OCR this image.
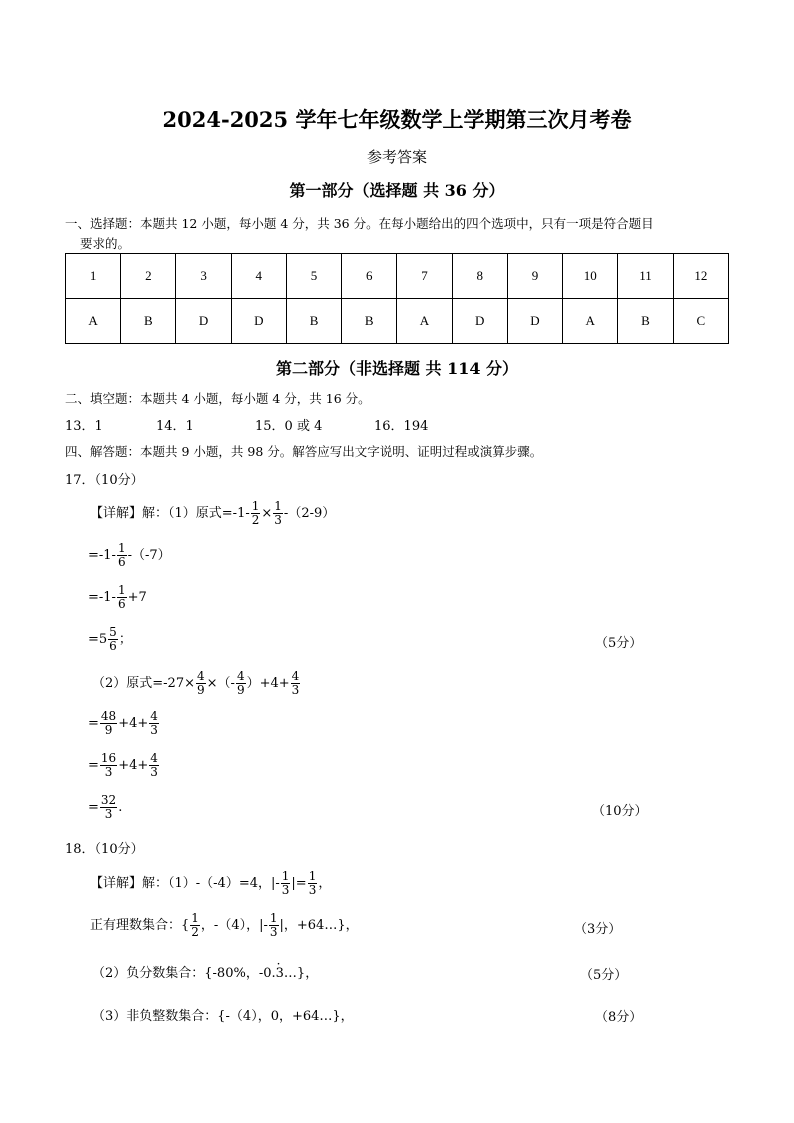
2024-2025 学年七年级数学上学期第三次月考卷
参考答案
第一部分（选择题 共 36 分）
一、选择题：本题共 12 小题，每小题 4 分，共 36 分。在每小题给出的四个选项中，只有一项是符合题目
要求的。
1	2	3	4	5	6	7	8	9	10	11	12
A	B	D	D	B	B	A	D	D	A	B	C
第二部分（非选择题 共 114 分）
二、填空题：本题共 4 小题，每小题 4 分，共 16 分。
13．1	14．1	15．0 或 4	16．194
四、解答题：本题共 9 小题，共 98 分。解答应写出文字说明、证明过程或演算步骤。
17．（10分）
【详解】解：（1）原式$=-1- \frac{1}{2} \times \frac{1}{3} -(2-9)$
$=-1- \frac{1}{6} -(-7)$
$=-1- \frac{1}{6} +7$
$=5 \frac{5}{6}$ ；	（5分）
（2）原式$=-27\times \frac{4}{9}$ ×（- $\frac{4}{9} )+4+ \frac{4}{3}$
= $\frac{48}{9} +4+ \frac{4}{3}$
= $\frac{16}{3} +4+ \frac{4}{3}$
= $\frac{32}{3}$ .	（10分）
18．（10分）
【详解】解：（1）-（-4）=4，|- $\frac{1}{3}$ |= $\frac{1}{3}$ ，
正有理数集合：{ $\frac{1}{2}$ ，-（4），|- $\frac{1}{3}$ |，+64…}，	（3分）
（2）负分数集合：{-80%，-0.· 3…}，	（5分）
（3）非负整数集合：{-（4），0，+64…}，	（8分）
